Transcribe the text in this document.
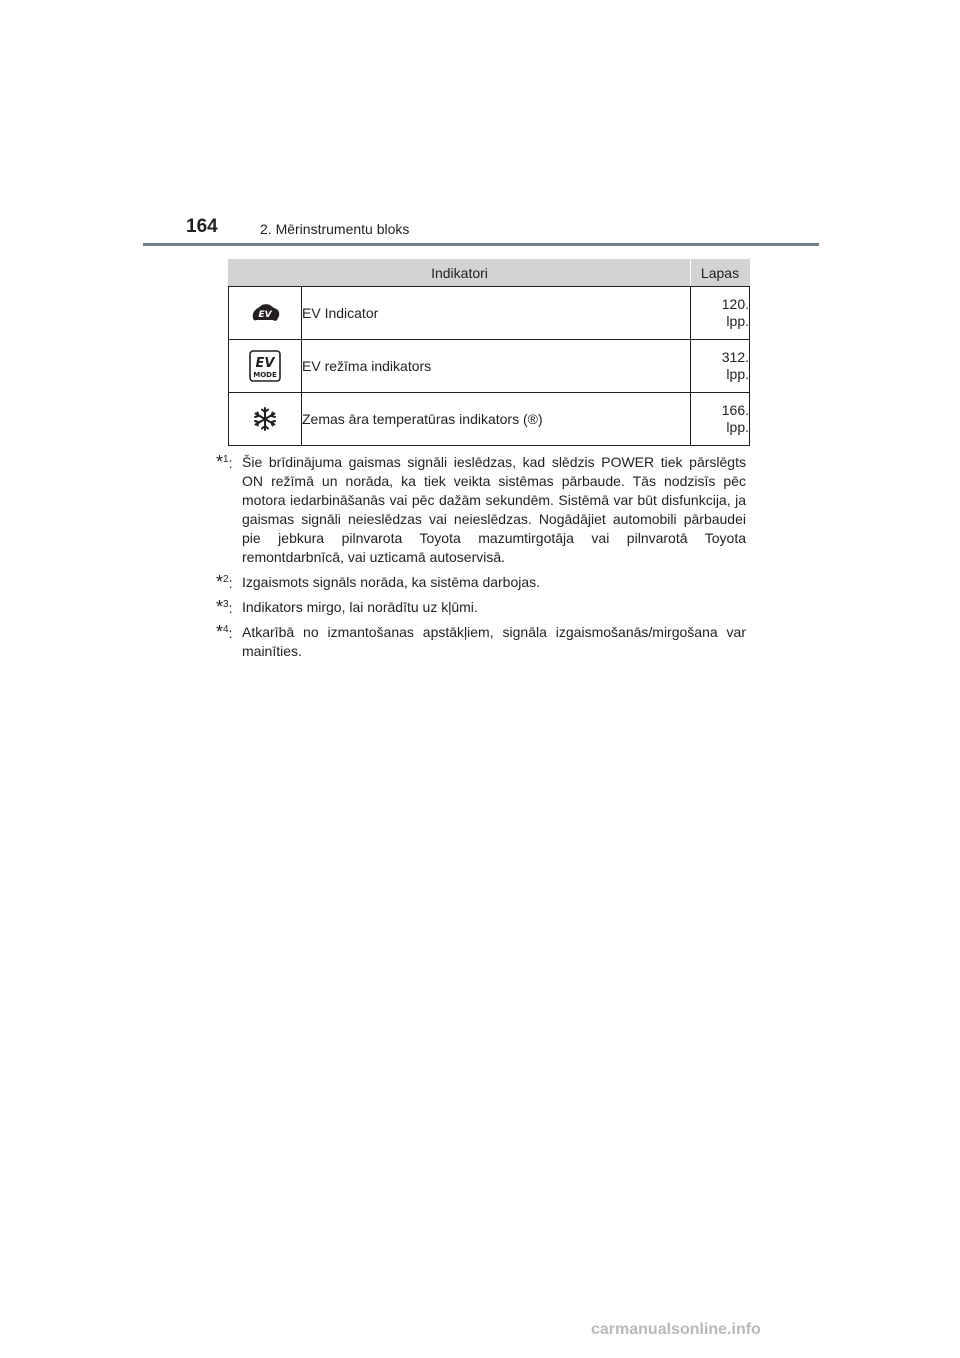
164	2. Mērinstrumentu bloks
Indikatori		Lapas

EV	EV Indicator	120.
lpp.

EV
MODE	EV režīma indikators	312.
lpp.

	Zemas āra temperatūras indikators (®)	166.
lpp.
*$^1$: Šie brīdinājuma gaismas signāli ieslēdzas, kad slēdzis POWER tiek pārslēgts ON režīmā un norāda, ka tiek veikta sistēmas pārbaude. Tās nodzisīs pēc motora iedarbināšanās vai pēc dažām sekundēm. Sistēmā var būt disfunkcija, ja gaismas signāli neieslēdzas vai neieslēdzas. Nogādājiet automobili pārbaudei pie jebkura pilnvarota Toyota mazumtirgotāja vai pilnvarotā Toyota remontdarbnīcā, vai uzticamā autoservisā.
*$^2$: Izgaismots signāls norāda, ka sistēma darbojas.
*$^3$: Indikators mirgo, lai norādītu uz kļūmi.
*$^4$: Atkarībā no izmantošanas apstākļiem, signāla izgaismošanās/mirgošana var mainīties.
carmanualsonline.info
